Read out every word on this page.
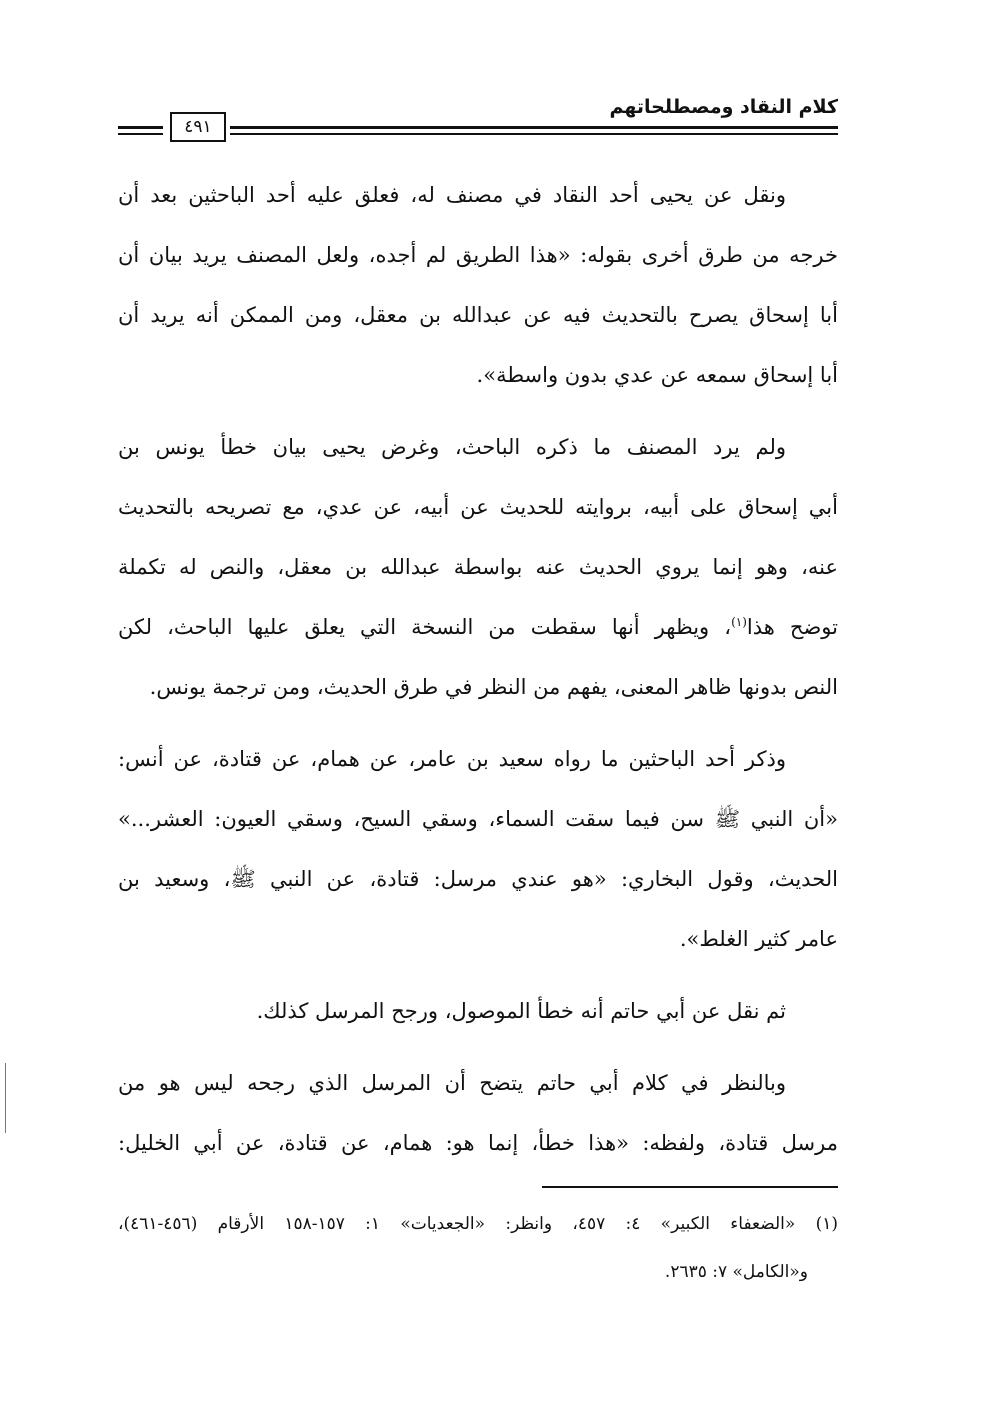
كلام النقاد ومصطلحاتهم
٤٩١
ونقل عن يحيى أحد النقاد في مصنف له، فعلق عليه أحد الباحثين بعد أن
خرجه من طرق أخرى بقوله: «هذا الطريق لم أجده، ولعل المصنف يريد بيان أن
أبا إسحاق يصرح بالتحديث فيه عن عبدالله بن معقل، ومن الممكن أنه يريد أن
أبا إسحاق سمعه عن عدي بدون واسطة».
ولم يرد المصنف ما ذكره الباحث، وغرض يحيى بيان خطأ يونس بن
أبي إسحاق على أبيه، بروايته للحديث عن أبيه، عن عدي، مع تصريحه بالتحديث
عنه، وهو إنما يروي الحديث عنه بواسطة عبدالله بن معقل، والنص له تكملة
توضح هذا$^{(١)}$، ويظهر أنها سقطت من النسخة التي يعلق عليها الباحث، لكن
النص بدونها ظاهر المعنى، يفهم من النظر في طرق الحديث، ومن ترجمة يونس.
وذكر أحد الباحثين ما رواه سعيد بن عامر، عن همام، عن قتادة، عن أنس:
«أن النبي ﷺ سن فيما سقت السماء، وسقي السيح، وسقي العيون: العشر...»
الحديث، وقول البخاري: «هو عندي مرسل: قتادة، عن النبي ﷺ، وسعيد بن
عامر كثير الغلط».
ثم نقل عن أبي حاتم أنه خطأ الموصول، ورجح المرسل كذلك.
وبالنظر في كلام أبي حاتم يتضح أن المرسل الذي رجحه ليس هو من
مرسل قتادة، ولفظه: «هذا خطأ، إنما هو: همام، عن قتادة، عن أبي الخليل:
(١) «الضعفاء الكبير» ٤: ٤٥٧، وانظر: «الجعديات» ١: ١٥٧-١٥٨ الأرقام (٤٥٦-٤٦١)،
و«الكامل» ٧: ٢٦٣٥.
